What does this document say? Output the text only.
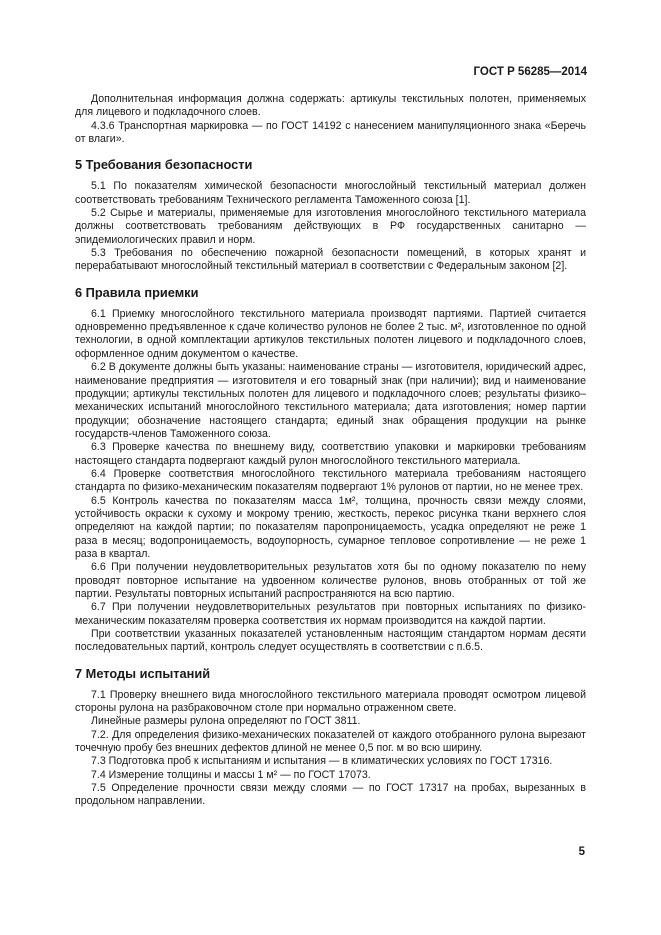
ГОСТ Р 56285—2014

Дополнительная информация должна содержать: артикулы текстильных полотен, применяемых для лицевого и подкладочного слоев.

4.3.6 Транспортная маркировка — по ГОСТ 14192 с нанесением манипуляционного знака «Беречь от влаги».

5 Требования безопасности

5.1 По показателям химической безопасности многослойный текстильный материал должен соответствовать требованиям Технического регламента Таможенного союза [1].

5.2 Сырье и материалы, применяемые для изготовления многослойного текстильного материала должны соответствовать требованиям действующих в РФ государственных санитарно — эпидемиологических правил и норм.

5.3 Требования по обеспечению пожарной безопасности помещений, в которых хранят и перерабатывают многослойный текстильный материал в соответствии с Федеральным законом [2].

6 Правила приемки

6.1 Приемку многослойного текстильного материала производят партиями. Партией считается одновременно предъявленное к сдаче количество рулонов не более 2 тыс. м², изготовленное по одной технологии, в одной комплектации артикулов текстильных полотен лицевого и подкладочного слоев, оформленное одним документом о качестве.

6.2 В документе должны быть указаны: наименование страны — изготовителя, юридический адрес, наименование предприятия — изготовителя и его товарный знак (при наличии); вид и наименование продукции; артикулы текстильных полотен для лицевого и подкладочного слоев; результаты физико–механических испытаний многослойного текстильного материала; дата изготовления; номер партии продукции; обозначение настоящего стандарта; единый знак обращения продукции на рынке государств-членов Таможенного союза.

6.3 Проверке качества по внешнему виду, соответствию упаковки и маркировки требованиям настоящего стандарта подвергают каждый рулон многослойного текстильного материала.

6.4 Проверке соответствия многослойного текстильного материала требованиям настоящего стандарта по физико-механическим показателям подвергают 1% рулонов от партии, но не менее трех.

6.5 Контроль качества по показателям масса 1м², толщина, прочность связи между слоями, устойчивость окраски к сухому и мокрому трению, жесткость, перекос рисунка ткани верхнего слоя определяют на каждой партии; по показателям паропроницаемость, усадка определяют не реже 1 раза в месяц; водопроницаемость, водоупорность, сумарное тепловое сопротивление — не реже 1 раза в квартал.

6.6 При получении неудовлетворительных результатов хотя бы по одному показателю по нему проводят повторное испытание на удвоенном количестве рулонов, вновь отобранных от той же партии. Результаты повторных испытаний распространяются на всю партию.

6.7 При получении неудовлетворительных результатов при повторных испытаниях по физико-механическим показателям проверка соответствия их нормам производится на каждой партии.

При соответствии указанных показателей установленным настоящим стандартом нормам десяти последовательных партий, контроль следует осуществлять в соответствии с п.6.5.

7 Методы испытаний

7.1 Проверку внешнего вида многослойного текстильного материала проводят осмотром лицевой стороны рулона на разбраковочном столе при нормально отраженном свете.

Линейные размеры рулона определяют по ГОСТ 3811.

7.2. Для определения физико-механических показателей от каждого отобранного рулона вырезают точечную пробу без внешних дефектов длиной не менее 0,5 пог. м во всю ширину.

7.3 Подготовка проб к испытаниям и испытания — в климатических условиях по ГОСТ 17316.

7.4 Измерение толщины и массы 1 м² — по ГОСТ 17073.

7.5 Определение прочности связи между слоями — по ГОСТ 17317 на пробах, вырезанных в продольном направлении.

5
